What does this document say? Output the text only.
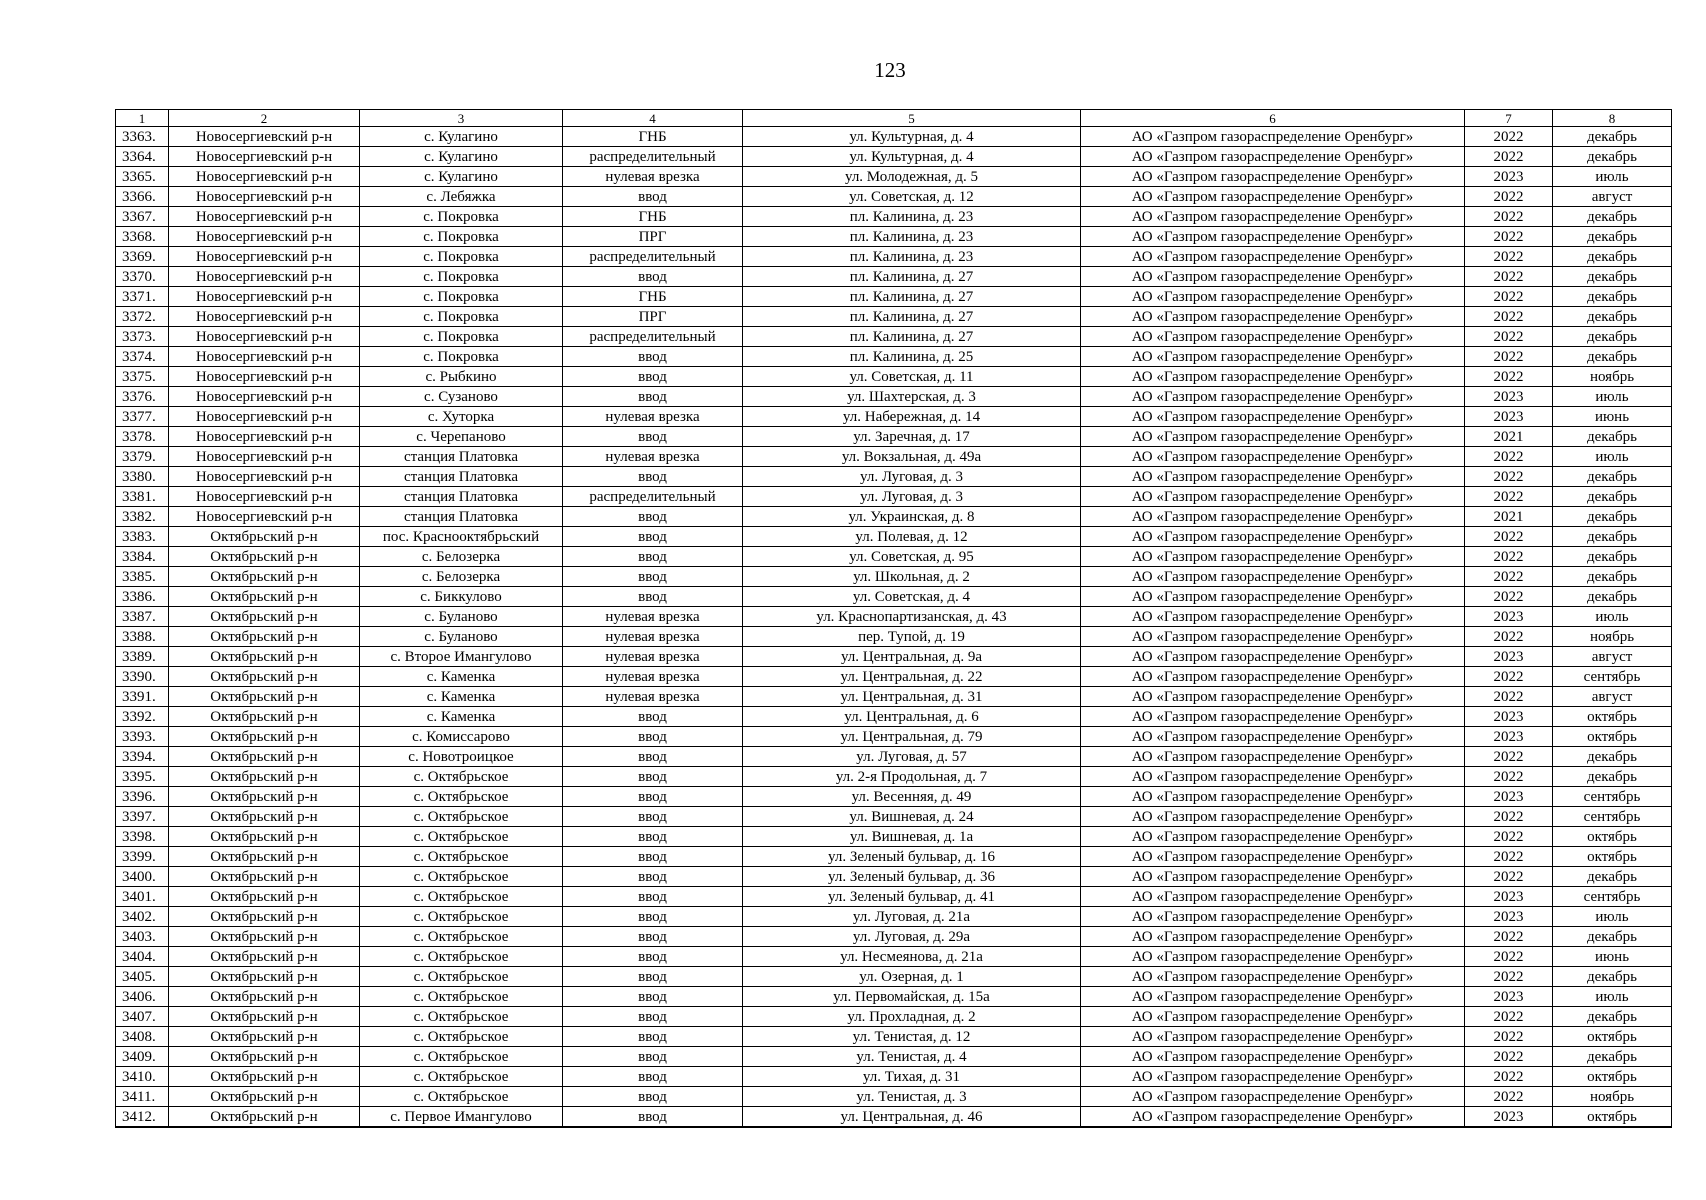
123
1	2	3	4	5	6	7	8
3363.	Новосергиевский р-н	с. Кулагино	ГНБ	ул. Культурная, д. 4	АО «Газпром газораспределение Оренбург»	2022	декабрь
3364.	Новосергиевский р-н	с. Кулагино	распределительный	ул. Культурная, д. 4	АО «Газпром газораспределение Оренбург»	2022	декабрь
3365.	Новосергиевский р-н	с. Кулагино	нулевая врезка	ул. Молодежная, д. 5	АО «Газпром газораспределение Оренбург»	2023	июль
3366.	Новосергиевский р-н	с. Лебяжка	ввод	ул. Советская, д. 12	АО «Газпром газораспределение Оренбург»	2022	август
3367.	Новосергиевский р-н	с. Покровка	ГНБ	пл. Калинина, д. 23	АО «Газпром газораспределение Оренбург»	2022	декабрь
3368.	Новосергиевский р-н	с. Покровка	ПРГ	пл. Калинина, д. 23	АО «Газпром газораспределение Оренбург»	2022	декабрь
3369.	Новосергиевский р-н	с. Покровка	распределительный	пл. Калинина, д. 23	АО «Газпром газораспределение Оренбург»	2022	декабрь
3370.	Новосергиевский р-н	с. Покровка	ввод	пл. Калинина, д. 27	АО «Газпром газораспределение Оренбург»	2022	декабрь
3371.	Новосергиевский р-н	с. Покровка	ГНБ	пл. Калинина, д. 27	АО «Газпром газораспределение Оренбург»	2022	декабрь
3372.	Новосергиевский р-н	с. Покровка	ПРГ	пл. Калинина, д. 27	АО «Газпром газораспределение Оренбург»	2022	декабрь
3373.	Новосергиевский р-н	с. Покровка	распределительный	пл. Калинина, д. 27	АО «Газпром газораспределение Оренбург»	2022	декабрь
3374.	Новосергиевский р-н	с. Покровка	ввод	пл. Калинина, д. 25	АО «Газпром газораспределение Оренбург»	2022	декабрь
3375.	Новосергиевский р-н	с. Рыбкино	ввод	ул. Советская, д. 11	АО «Газпром газораспределение Оренбург»	2022	ноябрь
3376.	Новосергиевский р-н	с. Сузаново	ввод	ул. Шахтерская, д. 3	АО «Газпром газораспределение Оренбург»	2023	июль
3377.	Новосергиевский р-н	с. Хуторка	нулевая врезка	ул. Набережная, д. 14	АО «Газпром газораспределение Оренбург»	2023	июнь
3378.	Новосергиевский р-н	с. Черепаново	ввод	ул. Заречная, д. 17	АО «Газпром газораспределение Оренбург»	2021	декабрь
3379.	Новосергиевский р-н	станция Платовка	нулевая врезка	ул. Вокзальная, д. 49а	АО «Газпром газораспределение Оренбург»	2022	июль
3380.	Новосергиевский р-н	станция Платовка	ввод	ул. Луговая, д. 3	АО «Газпром газораспределение Оренбург»	2022	декабрь
3381.	Новосергиевский р-н	станция Платовка	распределительный	ул. Луговая, д. 3	АО «Газпром газораспределение Оренбург»	2022	декабрь
3382.	Новосергиевский р-н	станция Платовка	ввод	ул. Украинская, д. 8	АО «Газпром газораспределение Оренбург»	2021	декабрь
3383.	Октябрьский р-н	пос. Краснооктябрьский	ввод	ул. Полевая, д. 12	АО «Газпром газораспределение Оренбург»	2022	декабрь
3384.	Октябрьский р-н	с. Белозерка	ввод	ул. Советская, д. 95	АО «Газпром газораспределение Оренбург»	2022	декабрь
3385.	Октябрьский р-н	с. Белозерка	ввод	ул. Школьная, д. 2	АО «Газпром газораспределение Оренбург»	2022	декабрь
3386.	Октябрьский р-н	с. Биккулово	ввод	ул. Советская, д. 4	АО «Газпром газораспределение Оренбург»	2022	декабрь
3387.	Октябрьский р-н	с. Буланово	нулевая врезка	ул. Краснопартизанская, д. 43	АО «Газпром газораспределение Оренбург»	2023	июль
3388.	Октябрьский р-н	с. Буланово	нулевая врезка	пер. Тупой, д. 19	АО «Газпром газораспределение Оренбург»	2022	ноябрь
3389.	Октябрьский р-н	с. Второе Имангулово	нулевая врезка	ул. Центральная, д. 9а	АО «Газпром газораспределение Оренбург»	2023	август
3390.	Октябрьский р-н	с. Каменка	нулевая врезка	ул. Центральная, д. 22	АО «Газпром газораспределение Оренбург»	2022	сентябрь
3391.	Октябрьский р-н	с. Каменка	нулевая врезка	ул. Центральная, д. 31	АО «Газпром газораспределение Оренбург»	2022	август
3392.	Октябрьский р-н	с. Каменка	ввод	ул. Центральная, д. 6	АО «Газпром газораспределение Оренбург»	2023	октябрь
3393.	Октябрьский р-н	с. Комиссарово	ввод	ул. Центральная, д. 79	АО «Газпром газораспределение Оренбург»	2023	октябрь
3394.	Октябрьский р-н	с. Новотроицкое	ввод	ул. Луговая, д. 57	АО «Газпром газораспределение Оренбург»	2022	декабрь
3395.	Октябрьский р-н	с. Октябрьское	ввод	ул. 2-я Продольная, д. 7	АО «Газпром газораспределение Оренбург»	2022	декабрь
3396.	Октябрьский р-н	с. Октябрьское	ввод	ул. Весенняя, д. 49	АО «Газпром газораспределение Оренбург»	2023	сентябрь
3397.	Октябрьский р-н	с. Октябрьское	ввод	ул. Вишневая, д. 24	АО «Газпром газораспределение Оренбург»	2022	сентябрь
3398.	Октябрьский р-н	с. Октябрьское	ввод	ул. Вишневая, д. 1а	АО «Газпром газораспределение Оренбург»	2022	октябрь
3399.	Октябрьский р-н	с. Октябрьское	ввод	ул. Зеленый бульвар, д. 16	АО «Газпром газораспределение Оренбург»	2022	октябрь
3400.	Октябрьский р-н	с. Октябрьское	ввод	ул. Зеленый бульвар, д. 36	АО «Газпром газораспределение Оренбург»	2022	декабрь
3401.	Октябрьский р-н	с. Октябрьское	ввод	ул. Зеленый бульвар, д. 41	АО «Газпром газораспределение Оренбург»	2023	сентябрь
3402.	Октябрьский р-н	с. Октябрьское	ввод	ул. Луговая, д. 21а	АО «Газпром газораспределение Оренбург»	2023	июль
3403.	Октябрьский р-н	с. Октябрьское	ввод	ул. Луговая, д. 29а	АО «Газпром газораспределение Оренбург»	2022	декабрь
3404.	Октябрьский р-н	с. Октябрьское	ввод	ул. Несмеянова, д. 21а	АО «Газпром газораспределение Оренбург»	2022	июнь
3405.	Октябрьский р-н	с. Октябрьское	ввод	ул. Озерная, д. 1	АО «Газпром газораспределение Оренбург»	2022	декабрь
3406.	Октябрьский р-н	с. Октябрьское	ввод	ул. Первомайская, д. 15а	АО «Газпром газораспределение Оренбург»	2023	июль
3407.	Октябрьский р-н	с. Октябрьское	ввод	ул. Прохладная, д. 2	АО «Газпром газораспределение Оренбург»	2022	декабрь
3408.	Октябрьский р-н	с. Октябрьское	ввод	ул. Тенистая, д. 12	АО «Газпром газораспределение Оренбург»	2022	октябрь
3409.	Октябрьский р-н	с. Октябрьское	ввод	ул. Тенистая, д. 4	АО «Газпром газораспределение Оренбург»	2022	декабрь
3410.	Октябрьский р-н	с. Октябрьское	ввод	ул. Тихая, д. 31	АО «Газпром газораспределение Оренбург»	2022	октябрь
3411.	Октябрьский р-н	с. Октябрьское	ввод	ул. Тенистая, д. 3	АО «Газпром газораспределение Оренбург»	2022	ноябрь
3412.	Октябрьский р-н	с. Первое Имангулово	ввод	ул. Центральная, д. 46	АО «Газпром газораспределение Оренбург»	2023	октябрь
